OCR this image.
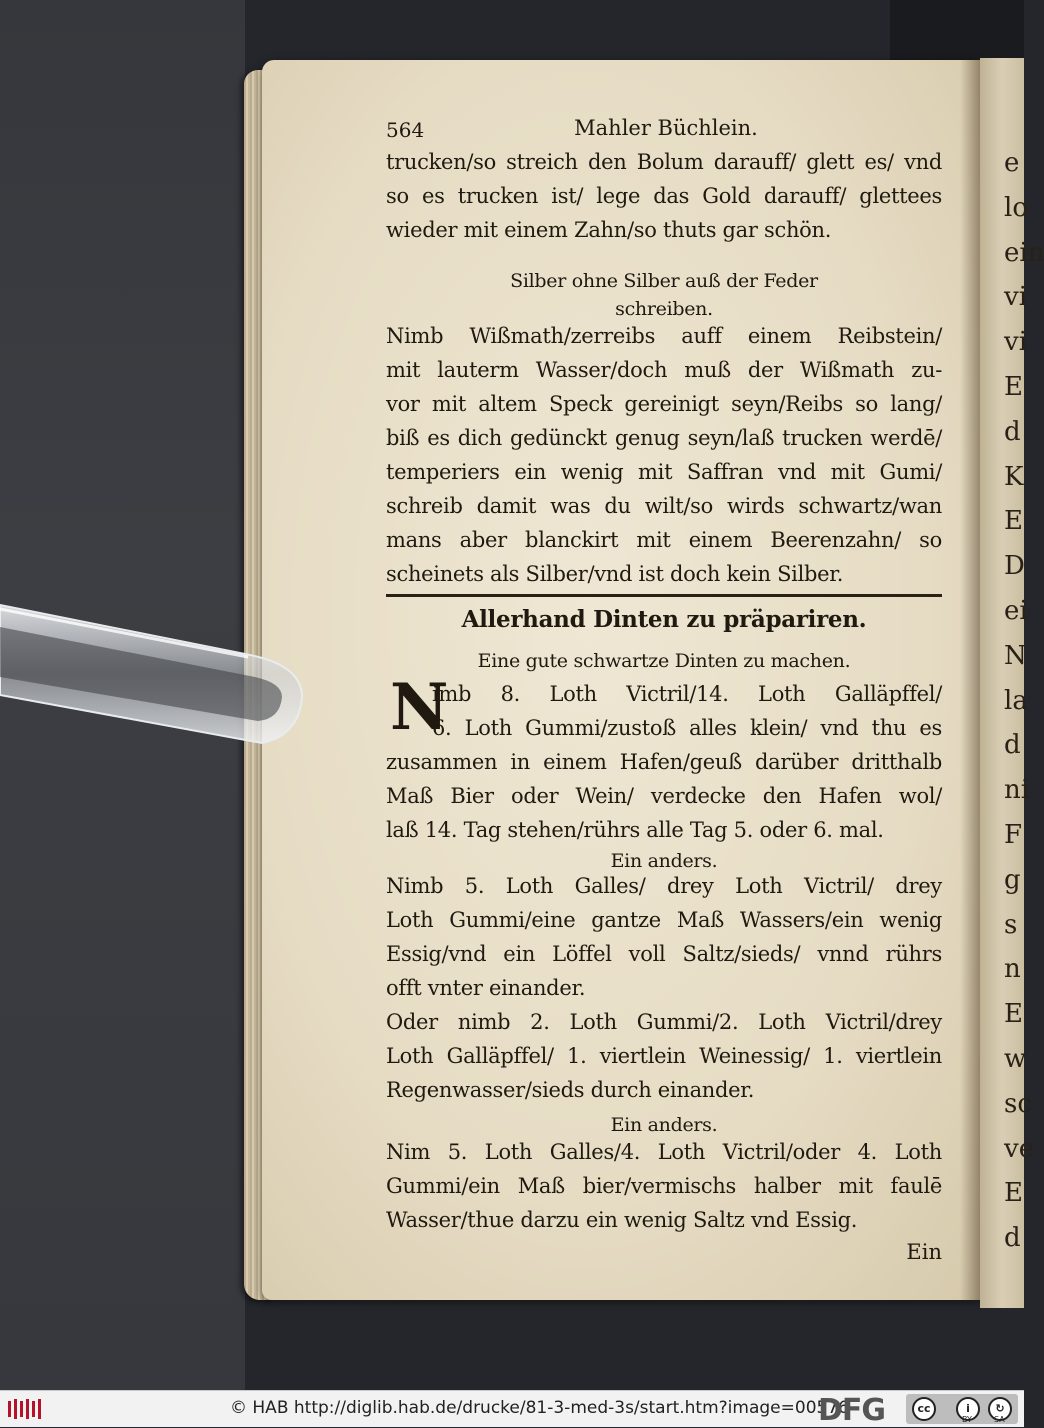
e
lo
ein
vi
vi
E
d
K
E
D
ei
N
la
d
ni
F
g
s
n
E
w
sc
ve
E
d
564	Mahler Büchlein.
trucken/so streich den Bolum darauff/ glett es/ vnd
so es trucken ist/ lege das Gold darauff/ glettees
wieder mit einem Zahn/so thuts gar schön.
Silber ohne Silber auß der Feder
schreiben.
Nimb Wißmath/zerreibs auff einem Reibstein/
mit lauterm Wasser/doch muß der Wißmath zu-
vor mit altem Speck gereinigt seyn/Reibs so lang/
biß es dich gedünckt genug seyn/laß trucken werdē/
temperiers ein wenig mit Saffran vnd mit Gumi/
schreib damit was du wilt/so wirds schwartz/wan
mans aber blanckirt mit einem Beerenzahn/ so
scheinets als Silber/vnd ist doch kein Silber.
Allerhand Dinten zu präpariren.
Eine gute schwartze Dinten zu machen.
N
imb 8. Loth Victril/14. Loth Galläpffel/
6. Loth Gummi/zustoß alles klein/ vnd thu es
zusammen in einem Hafen/geuß darüber dritthalb
Maß Bier oder Wein/ verdecke den Hafen wol/
laß 14. Tag stehen/rührs alle Tag 5. oder 6. mal.
Ein anders.
Nimb 5. Loth Galles/ drey Loth Victril/ drey
Loth Gummi/eine gantze Maß Wassers/ein wenig
Essig/vnd ein Löffel voll Saltz/sieds/ vnnd rührs
offt vnter einander.
Oder nimb 2. Loth Gummi/2. Loth Victril/drey
Loth Galläpffel/ 1. viertlein Weinessig/ 1. viertlein
Regenwasser/sieds durch einander.
Ein anders.
Nim 5. Loth Galles/4. Loth Victril/oder 4. Loth
Gummi/ein Maß bier/vermischs halber mit faulē
Wasser/thue darzu ein wenig Saltz vnd Essig.
Ein
© HAB http://diglib.hab.de/drucke/81-3-med-3s/start.htm?image=00576
DFG	cc	i	↻
BY	SA
